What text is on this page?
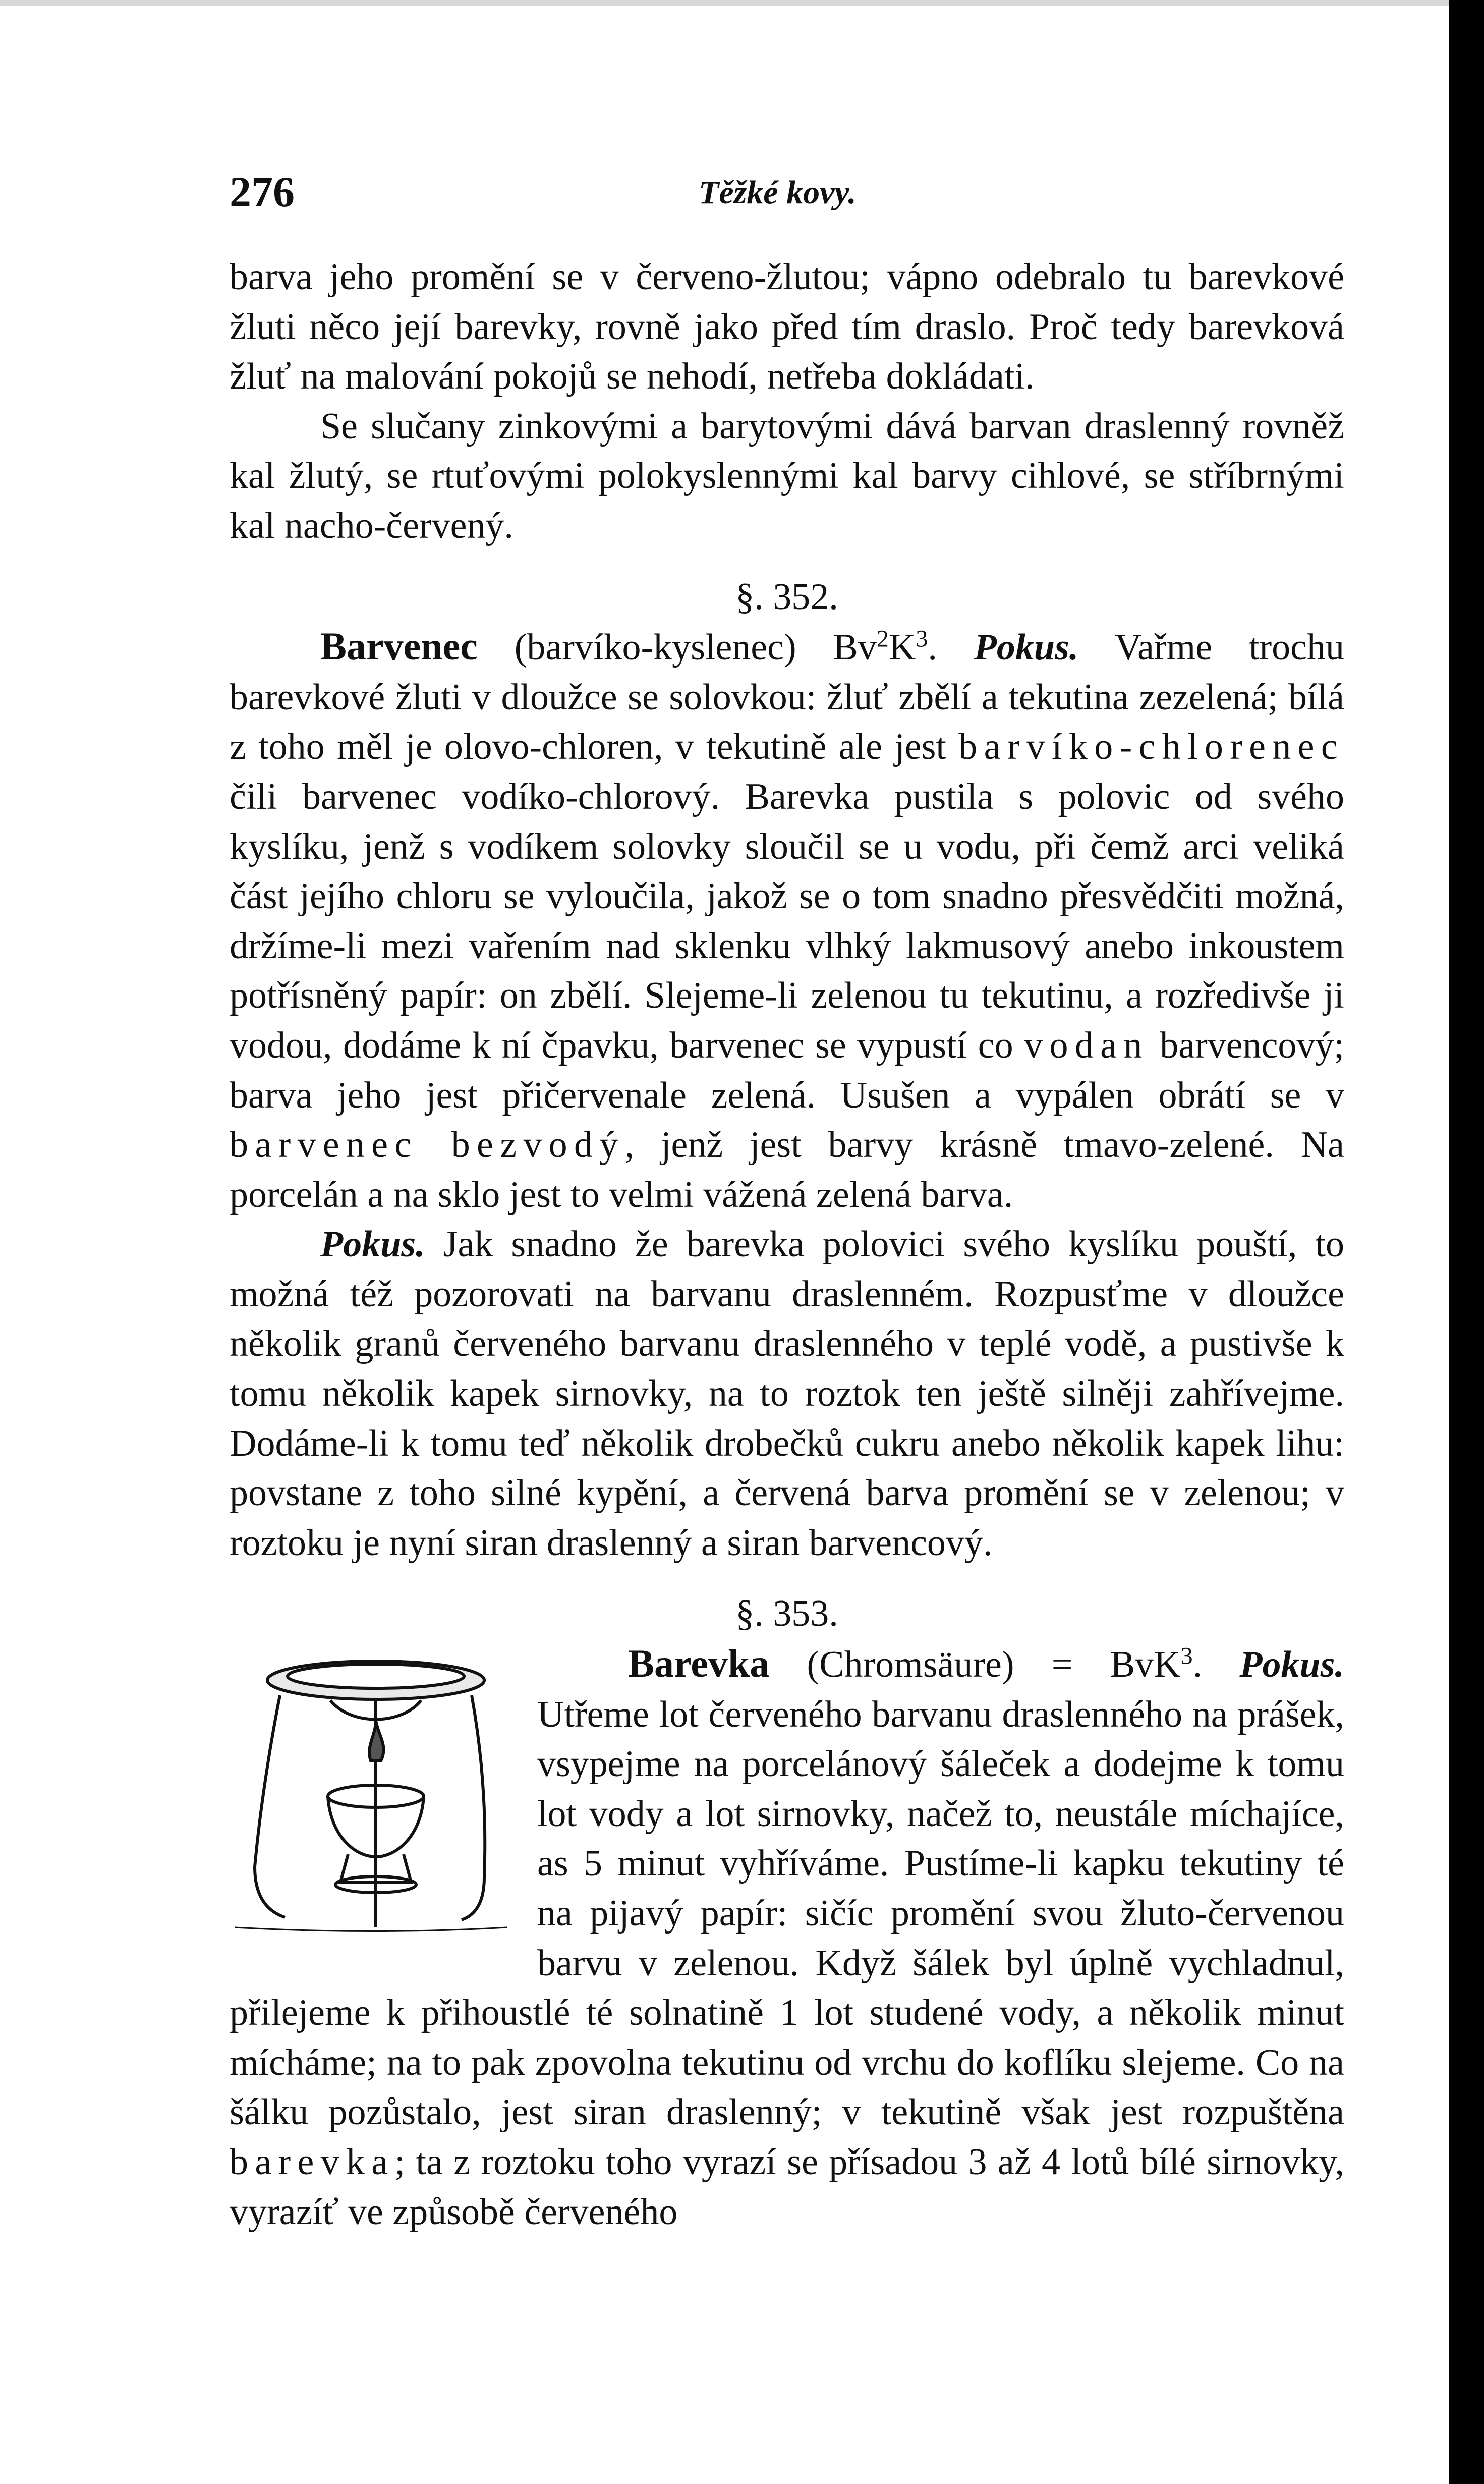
276	Těžké kovy.

barva jeho promění se v červeno-žlutou; vápno odebralo tu barevkové žluti něco její barevky, rovně jako před tím draslo. Proč tedy barevková žluť na malování pokojů se nehodí, netřeba dokládati.

Se slučany zinkovými a barytovými dává barvan draslenný rovněž kal žlutý, se rtuťovými polokyslennými kal barvy cihlové, se stříbrnými kal nacho-červený.

§. 352.

Barvenec (barvíko-kyslenec) $Bv^2K^3$. Pokus. Vařme trochu barevkové žluti v dloužce se solovkou: žluť zbělí a tekutina zezelená; bílá z toho měl je olovo-chloren, v tekutině ale jest barvíko-chlorenec čili barvenec vodíko-chlorový. Barevka pustila s polovic od svého kyslíku, jenž s vodíkem solovky sloučil se u vodu, při čemž arci veliká část jejího chloru se vyloučila, jakož se o tom snadno přesvědčiti možná, držíme-li mezi vařením nad sklenku vlhký lakmusový anebo inkoustem potřísněný papír: on zbělí. Slejeme-li zelenou tu tekutinu, a rozředivše ji vodou, dodáme k ní čpavku, barvenec se vypustí co vodan barvencový; barva jeho jest přičervenale zelená. Usušen a vypálen obrátí se v barvenec bezvodý, jenž jest barvy krásně tmavo-zelené. Na porcelán a na sklo jest to velmi vážená zelená barva.

Pokus. Jak snadno že barevka polovici svého kyslíku pouští, to možná též pozorovati na barvanu draslenném. Rozpusťme v dloužce několik granů červeného barvanu draslenného v teplé vodě, a pustivše k tomu několik kapek sirnovky, na to roztok ten ještě silněji zahřívejme. Dodáme-li k tomu teď několik drobečků cukru anebo několik kapek lihu: povstane z toho silné kypění, a červená barva promění se v zelenou; v roztoku je nyní siran draslenný a siran barvencový.

§. 353.

Barevka (Chromsäure) = BvK$^3$. Pokus.
Utřeme lot červeného barvanu draslenného na prášek, vsypejme na porcelánový šáleček a dodejme k tomu lot vody a lot sirnovky, načež to, neustále míchajíce, as 5 minut vyhříváme. Pustíme-li kapku tekutiny té na pijavý papír: sičíc promění svou žluto-červenou barvu v zelenou. Když šálek byl úplně vychladnul, přilejeme k přihoustlé té solnatině 1 lot studené vody, a několik minut mícháme; na to pak zpovolna tekutinu od vrchu do koflíku slejeme. Co na šálku pozůstalo, jest siran draslenný; v tekutině však jest rozpuštěna barevka; ta z roztoku toho vyrazí se přísadou 3 až 4 lotů bílé sirnovky, vyrazíť ve způsobě červeného
